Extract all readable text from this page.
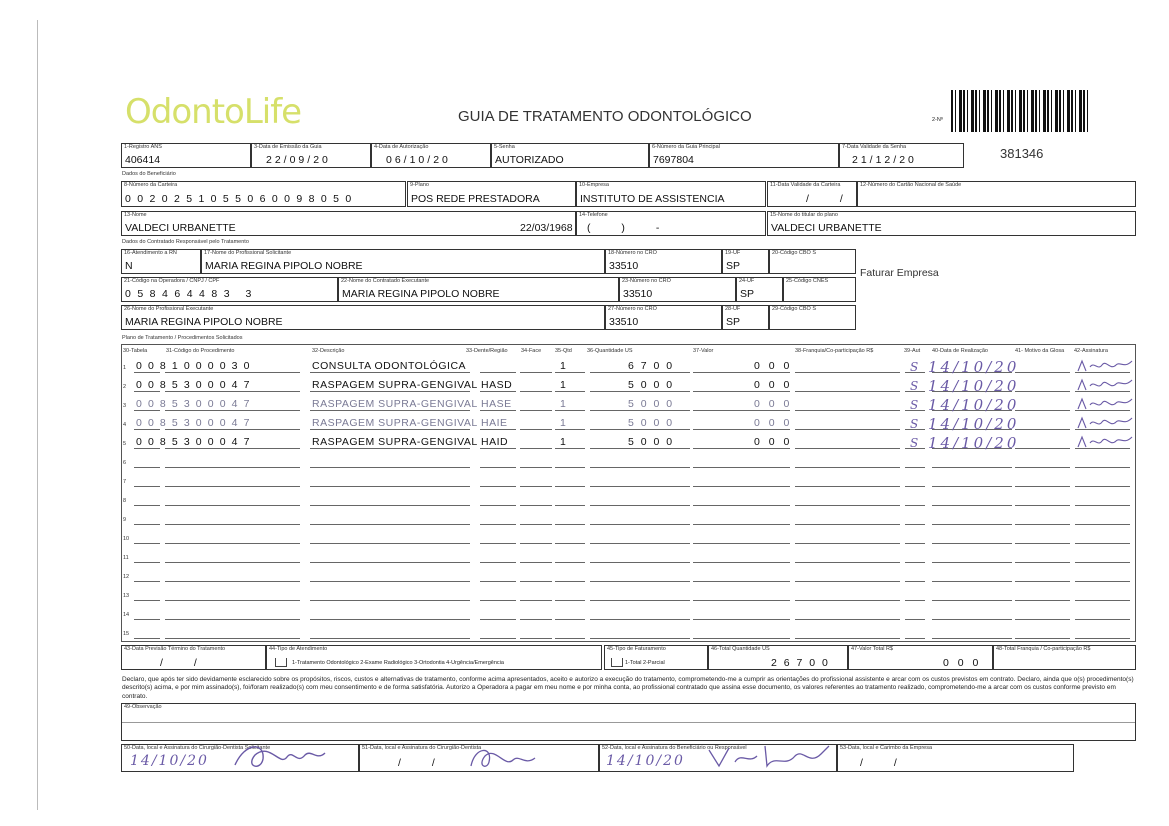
OdontoLife	GUIA DE TRATAMENTO ODONTOLÓGICO	2-Nº
381346
1-Registro ANS
406414
3-Data de Emissão da Guia
22/09/20
4-Data de Autorização
06/10/20
5-Senha
AUTORIZADO
6-Número da Guia Principal
7697804
7-Data Validade da Senha
21/12/20
Dados do Beneficiário
8-Número da Carteira
0020251055060098050
9-Plano
POS REDE PRESTADORA
10-Empresa
INSTITUTO DE ASSISTENCIA
11-Data Validade da Carteira
/ /
12-Número do Cartão Nacional de Saúde
13-Nome
VALDECI URBANETTE	22/03/1968
14-Telefone
( ) -
15-Nome do titular do plano
VALDECI URBANETTE
Dados do Contratado Responsável pelo Tratamento
16-Atendimento a RN
N
17-Nome do Profissional Solicitante
MARIA REGINA PIPOLO NOBRE
18-Número no CRO
33510
19-UF
SP
20-Código CBO S
Faturar Empresa
21-Código na Operadora / CNPJ / CPF
058464483 3
22-Nome do Contratado Executante
MARIA REGINA PIPOLO NOBRE
23-Número no CRO
33510
24-UF
SP
25-Código CNES
26-Nome do Profissional Executante
MARIA REGINA PIPOLO NOBRE
27-Número no CRO
33510
28-UF
SP
29-Código CBO S
Plano de Tratamento / Procedimentos Solicitados
30-Tabela	31-Código do Procedimento	32-Descrição	33-Dente/Região 34-Face	35-Qtd	36-Quantidade US	37-Valor	38-Franquia/Co-participação R$	39-Aut 40-Data de Realização	41- Motivo da Glosa 42-Assinatura
1 0 0 8 1 0 0 0 0 3 0	CONSULTA ODONTOLÓGICA	1	6 7 0 0	0 0 0	S 14/10/20
2 0 0 8 5 3 0 0 0 4 7	RASPAGEM SUPRA-GENGIVAL HASD	1	5 0 0 0	0 0 0	S 14/10/20
3 0 0 8 5 3 0 0 0 4 7	RASPAGEM SUPRA-GENGIVAL HASE	1	5 0 0 0	0 0 0	S 14/10/20
4 0 0 8 5 3 0 0 0 4 7	RASPAGEM SUPRA-GENGIVAL HAIE	1	5 0 0 0	0 0 0	S 14/10/20
5 0 0 8 5 3 0 0 0 4 7	RASPAGEM SUPRA-GENGIVAL HAID	1	5 0 0 0	0 0 0	S 14/10/20
6
7
8
9
10
11
12
13
14
15
43-Data Previsão Término do Tratamento
/ /
44-Tipo de Atendimento
1-Tratamento Odontológico 2-Exame Radiológico 3-Ortodontia 4-Urgência/Emergência
45-Tipo de Faturamento
1-Total 2-Parcial
46-Total Quantidade US
2 6 7 0 0
47-Valor Total R$
0 0 0
48-Total Franquia / Co-participação R$
Declaro, que após ter sido devidamente esclarecido sobre os propósitos, riscos, custos e alternativas de tratamento, conforme acima apresentados, aceito e autorizo a execução do tratamento, comprometendo-me a cumprir as orientações do profissional assistente e arcar com os custos previstos em contrato. Declaro, ainda que o(s) procedimento(s) descrito(s) acima, e por mim assinado(s), foi/foram realizado(s) com meu consentimento e de forma satisfatória. Autorizo a Operadora a pagar em meu nome e por minha conta, ao profissional contratado que assina esse documento, os valores referentes ao tratamento realizado, comprometendo-me a arcar com os custos conforme previsto em contrato.
49-Observação
50-Data, local e Assinatura do Cirurgião-Dentista Solicitante
14/10/20
51-Data, local e Assinatura do Cirurgião-Dentista
/ /
52-Data, local e Assinatura do Beneficiário ou Responsável
14/10/20
53-Data, local e Carimbo da Empresa
/ /
